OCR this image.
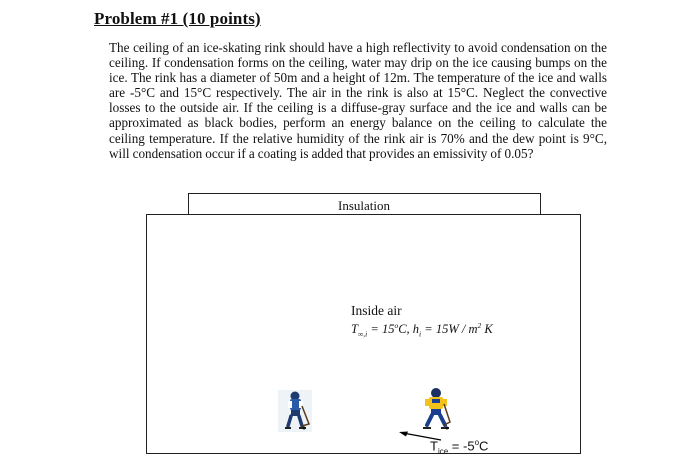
Problem #1 (10 points)
The ceiling of an ice-skating rink should have a high reflectivity to avoid condensation on the ceiling. If condensation forms on the ceiling, water may drip on the ice causing bumps on the ice. The rink has a diameter of 50m and a height of 12m. The temperature of the ice and walls are -5°C and 15°C respectively. The air in the rink is also at 15°C. Neglect the convective losses to the outside air. If the ceiling is a diffuse-gray surface and the ice and walls can be approximated as black bodies, perform an energy balance on the ceiling to calculate the ceiling temperature. If the relative humidity of the rink air is 70% and the dew point is 9°C, will condensation occur if a coating is added that provides an emissivity of 0.05?
Insulation
Inside air
$T_{\infty,i} = 15^oC$, $h_i = 15W / m^2$ K
$T_{ice} = -5^oC$
